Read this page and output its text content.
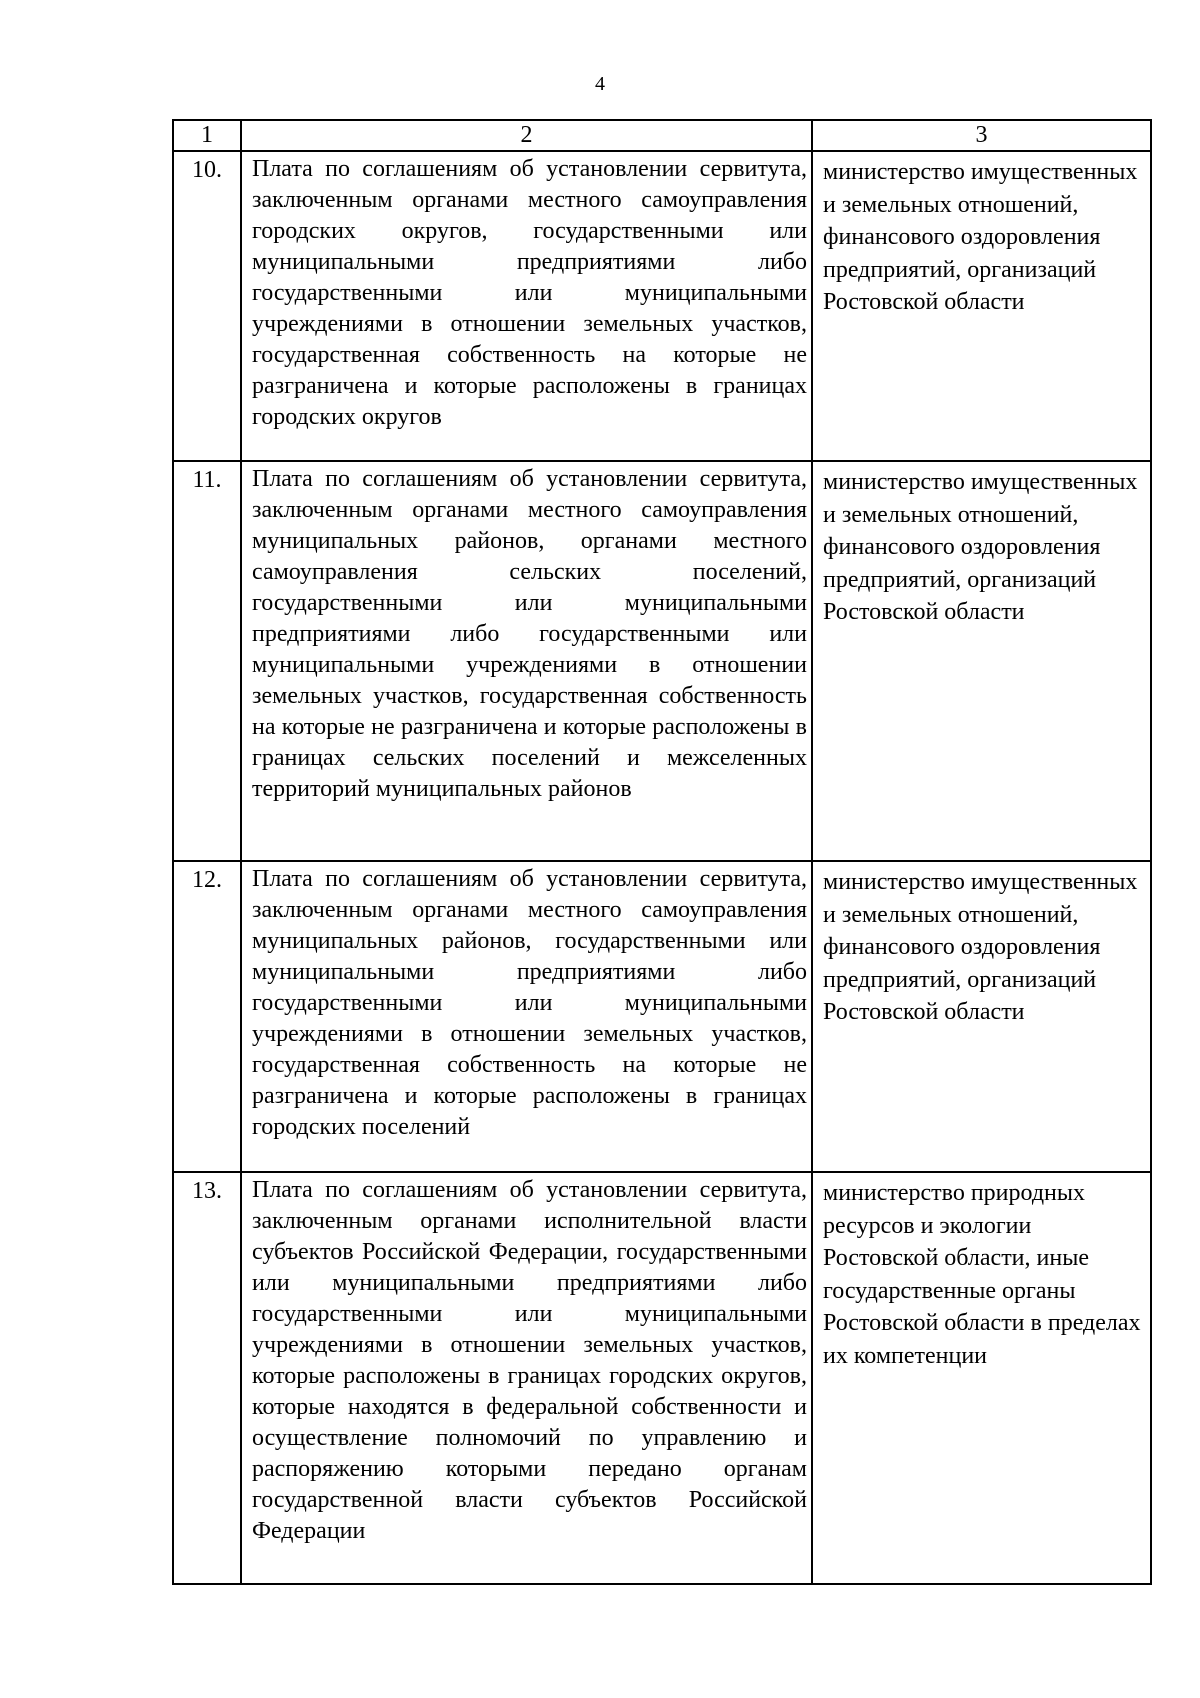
4
1	2	3
10.	Плата по соглашениям об установлении сервитута, заключенным органами местного самоуправления городских округов, государственными или муниципальными предприятиями либо государственными или муниципальными учреждениями в отношении земельных участков, государственная собственность на которые не разграничена и которые расположены в границах городских округов	министерство имущественных и земельных отношений, финансового оздоровления предприятий, организаций Ростовской области
11.	Плата по соглашениям об установлении сервитута, заключенным органами местного самоуправления муниципальных районов, органами местного самоуправления сельских поселений, государственными или муниципальными предприятиями либо государственными или муниципальными учреждениями в отношении земельных участков, государственная собственность на которые не разграничена и которые расположены в границах сельских поселений и межселенных территорий муниципальных районов	министерство имущественных и земельных отношений, финансового оздоровления предприятий, организаций Ростовской области
12.	Плата по соглашениям об установлении сервитута, заключенным органами местного самоуправления муниципальных районов, государственными или муниципальными предприятиями либо государственными или муниципальными учреждениями в отношении земельных участков, государственная собственность на которые не разграничена и которые расположены в границах городских поселений	министерство имущественных и земельных отношений, финансового оздоровления предприятий, организаций Ростовской области
13.	Плата по соглашениям об установлении сервитута, заключенным органами исполнительной власти субъектов Российской Федерации, государственными или муниципальными предприятиями либо государственными или муниципальными учреждениями в отношении земельных участков, которые расположены в границах городских округов, которые находятся в федеральной собственности и осуществление полномочий по управлению и распоряжению которыми передано органам государственной власти субъектов Российской Федерации	министерство природных ресурсов и экологии Ростовской области, иные государственные органы Ростовской области в пределах их компетенции
